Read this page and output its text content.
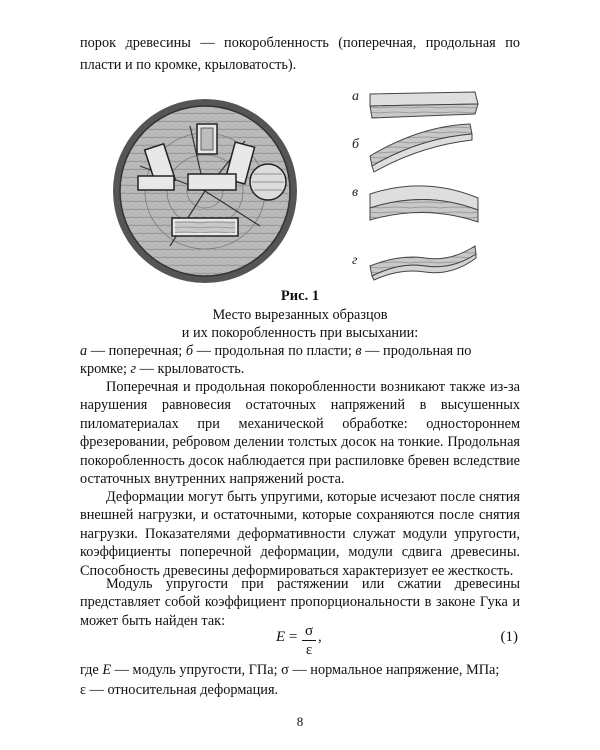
порок древесины — покоробленность (поперечная, продольная по пласти и по кромке, крыловатость).

а
б
в
г

Рис. 1

Место вырезанных образцов

и их покоробленность при высыхании:

а — поперечная; б — продольная по пласти; в — продольная по кромке; г — крыловатость.

Поперечная и продольная покоробленности возникают также из-за нарушения равновесия остаточных напряжений в высушенных пиломатериалах при механической обработке: одностороннем фрезеровании, ребровом делении толстых досок на тонкие. Продольная покоробленность досок наблюдается при распиловке бревен вследствие остаточных внутренних напряжений роста.

Деформации могут быть упругими, которые исчезают после снятия внешней нагрузки, и остаточными, которые сохраняются после снятия нагрузки. Показателями деформативности служат модули упругости, коэффициенты поперечной деформации, модули сдвига древесины. Способность древесины деформироваться характеризует ее жесткость.

Модуль упругости при растяжении или сжатии древесины представляет собой коэффициент пропорциональности в законе Гука и может быть найден так:

E = σ
ε
,	(1)

где E — модуль упругости, ГПа; σ — нормальное напряжение, МПа;
ε — относительная деформация.

8
